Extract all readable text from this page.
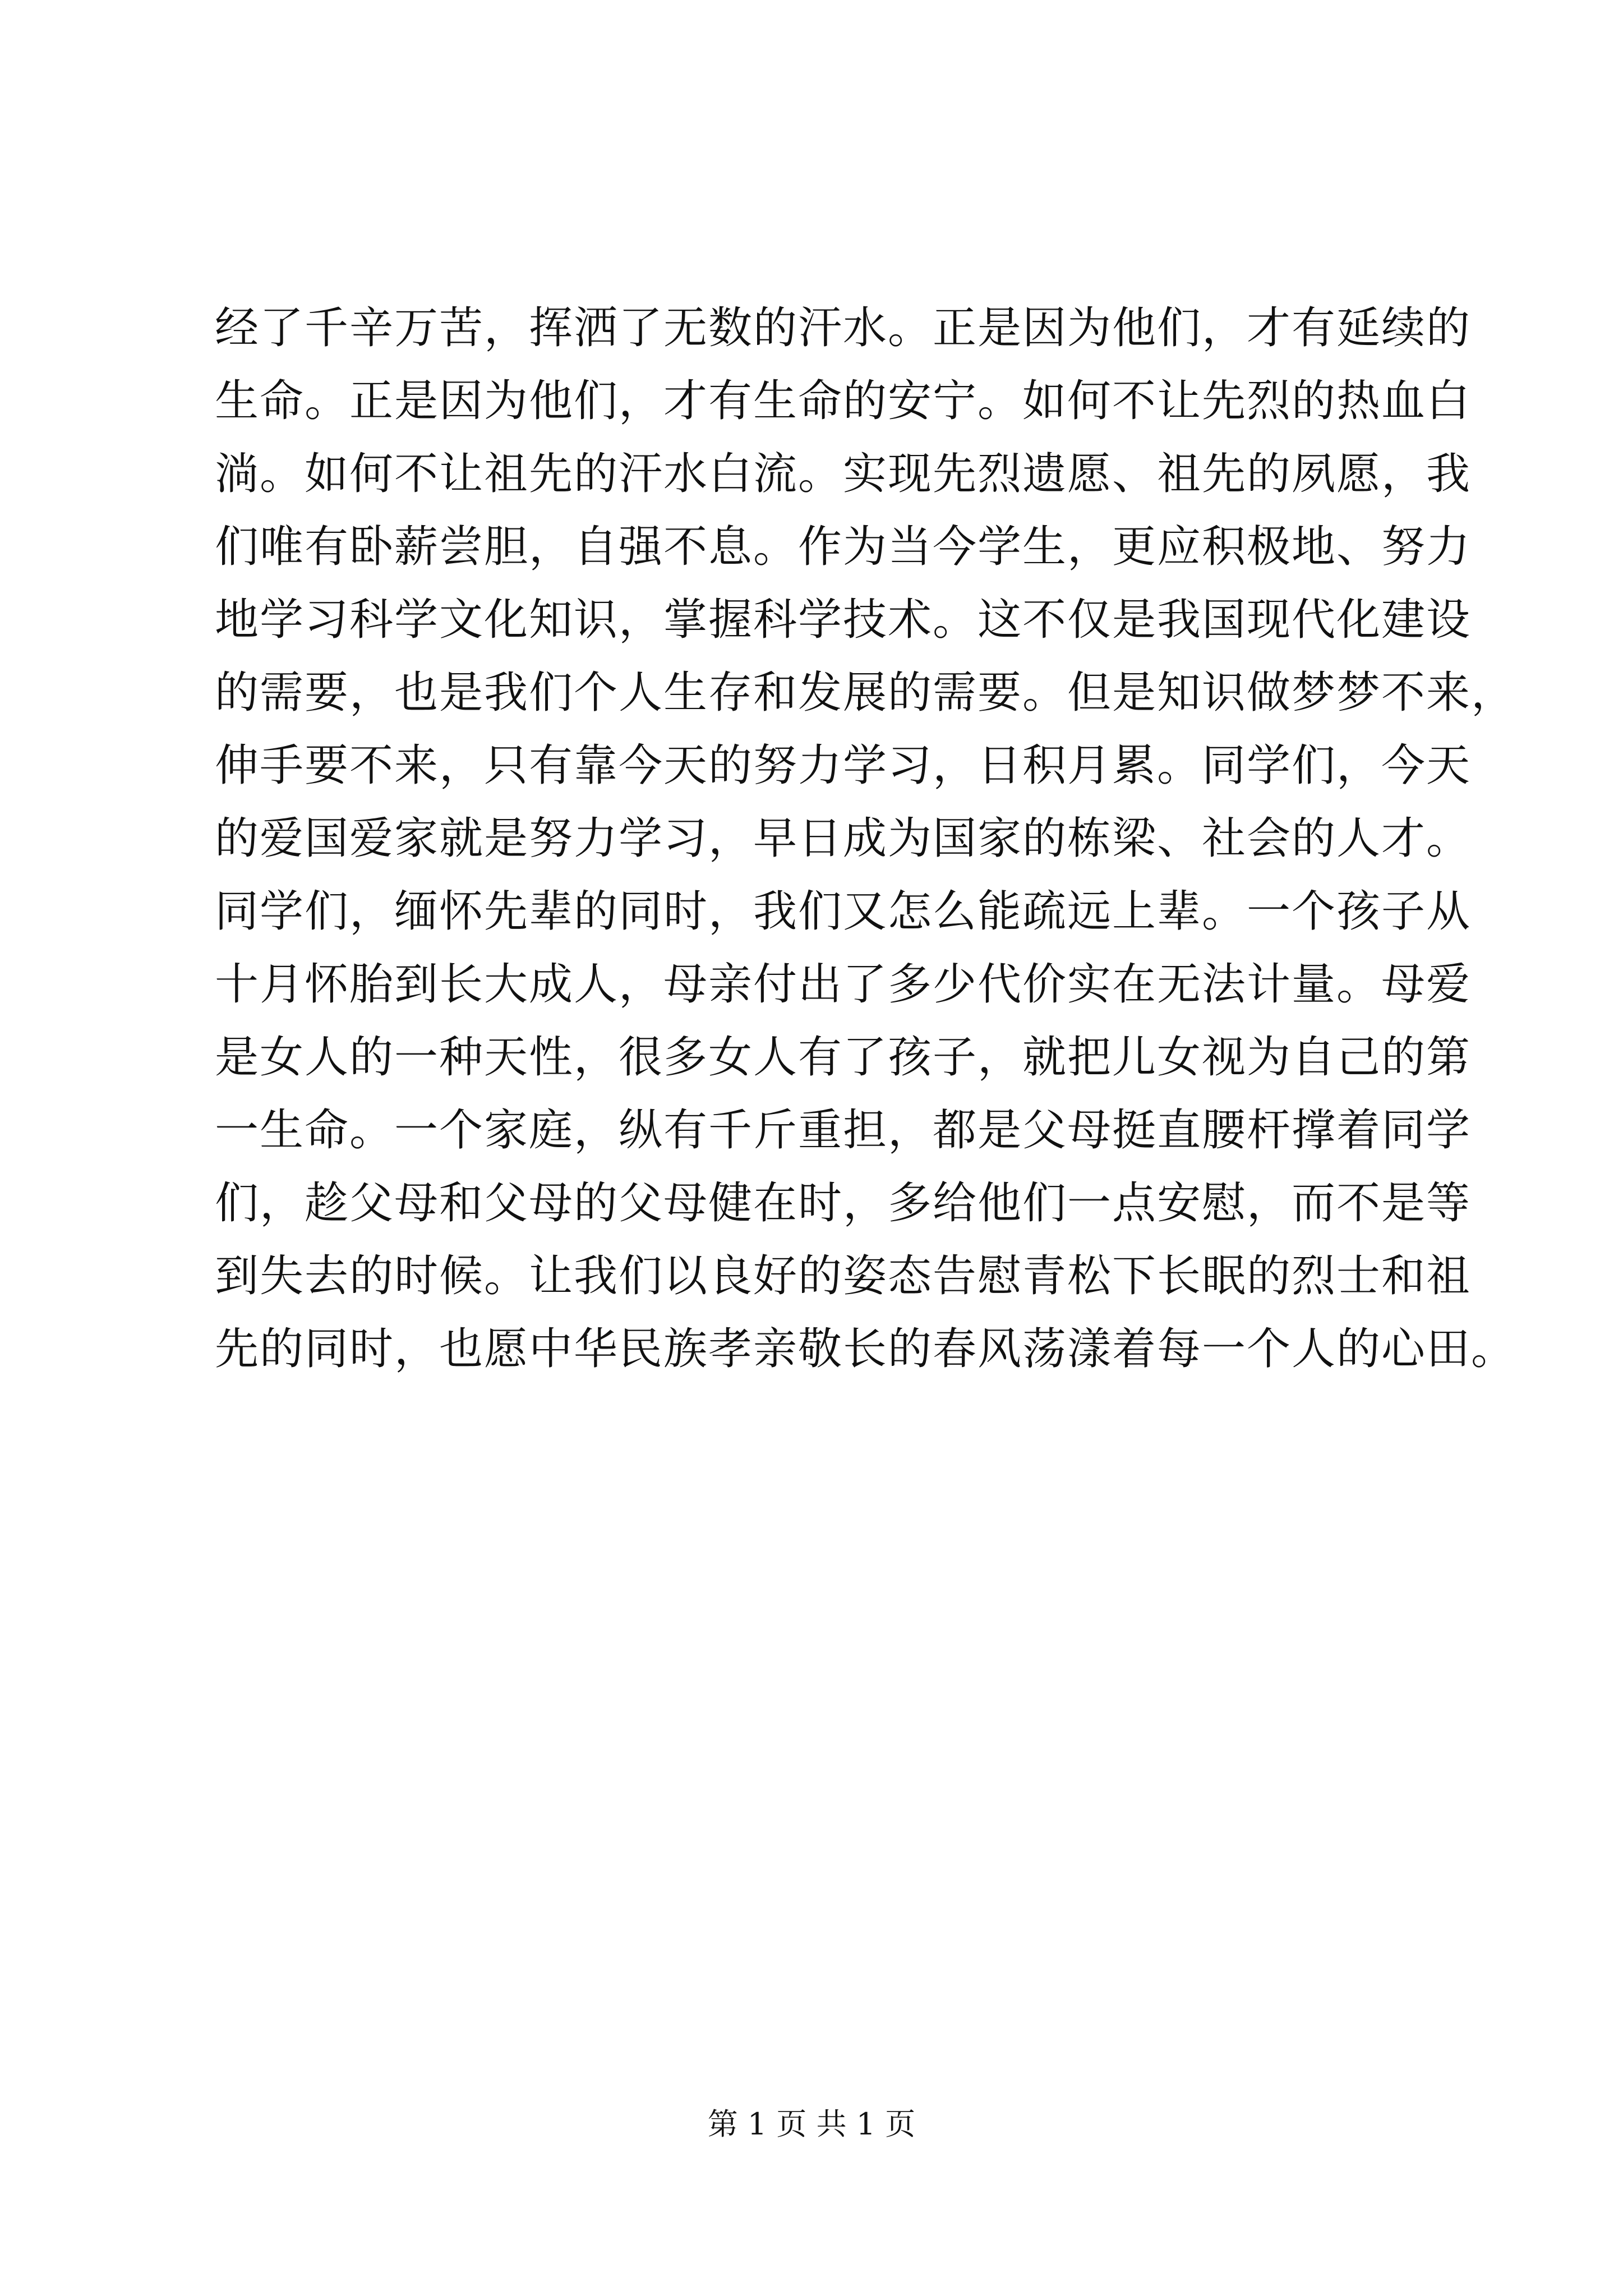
经了千辛万苦，挥洒了无数的汗水。正是因为他们，才有延续的
生命。正是因为他们，才有生命的安宁。如何不让先烈的热血白
淌。如何不让祖先的汗水白流。实现先烈遗愿、祖先的夙愿，我
们唯有卧薪尝胆，自强不息。作为当今学生，更应积极地、努力
地学习科学文化知识，掌握科学技术。这不仅是我国现代化建设
的需要，也是我们个人生存和发展的需要。但是知识做梦梦不来，
伸手要不来，只有靠今天的努力学习，日积月累。同学们，今天
的爱国爱家就是努力学习，早日成为国家的栋梁、社会的人才。
同学们，缅怀先辈的同时，我们又怎么能疏远上辈。一个孩子从
十月怀胎到长大成人，母亲付出了多少代价实在无法计量。母爱
是女人的一种天性，很多女人有了孩子，就把儿女视为自己的第
一生命。一个家庭，纵有千斤重担，都是父母挺直腰杆撑着同学
们，趁父母和父母的父母健在时，多给他们一点安慰，而不是等
到失去的时候。让我们以良好的姿态告慰青松下长眠的烈士和祖
先的同时，也愿中华民族孝亲敬长的春风荡漾着每一个人的心田。
第 1 页 共 1 页
